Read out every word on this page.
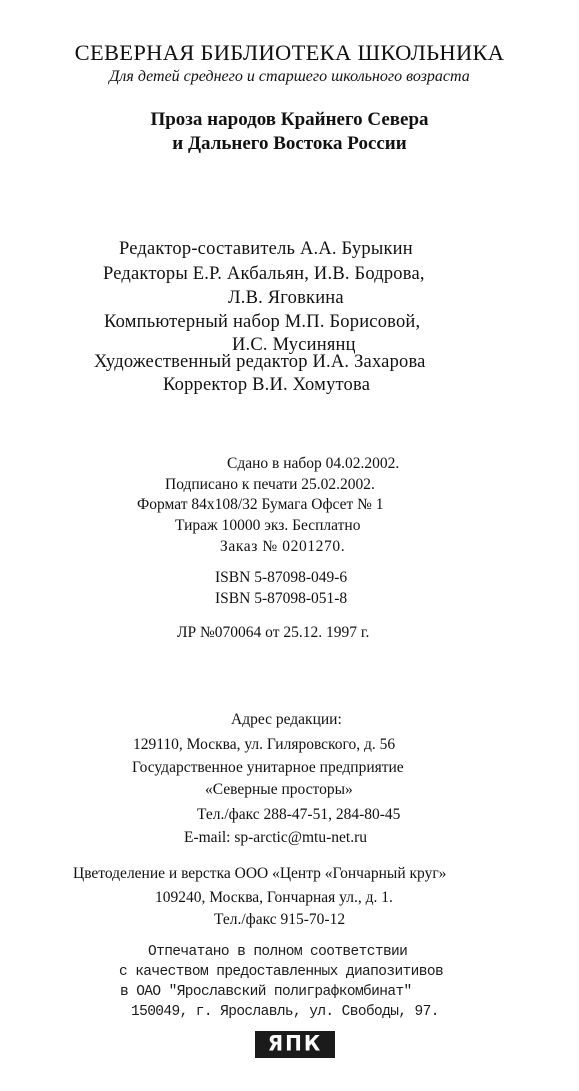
СЕВЕРНАЯ БИБЛИОТЕКА ШКОЛЬНИКА
Для детей среднего и старшего школьного возраста
Проза народов Крайнего Севера
и Дальнего Востока России
Редактор-составитель А.А. Бурыкин
Редакторы Е.Р. Акбальян, И.В. Бодрова,
Л.В. Яговкина
Компьютерный набор М.П. Борисовой,
И.С. Мусинянц
Художественный редактор И.А. Захарова
Корректор В.И. Хомутова
Сдано в набор 04.02.2002.
Подписано к печати 25.02.2002.
Формат 84х108/32 Бумага Офсет № 1
Тираж 10000 экз. Бесплатно
Заказ № 0201270.
ISBN 5-87098-049-6
ISBN 5-87098-051-8
ЛР №070064 от 25.12. 1997 г.
Адрес редакции:
129110, Москва, ул. Гиляровского, д. 56
Государственное унитарное предприятие
«Северные просторы»
Тел./факс 288-47-51, 284-80-45
E-mail: sp-arctic@mtu-net.ru
Цветоделение и верстка ООО «Центр «Гончарный круг»
109240, Москва, Гончарная ул., д. 1.
Тел./факс 915-70-12
Отпечатано в полном соответствии
с качеством предоставленных диапозитивов
в ОАО "Ярославский полиграфкомбинат"
150049, г. Ярославль, ул. Свободы, 97.
ЯПК
